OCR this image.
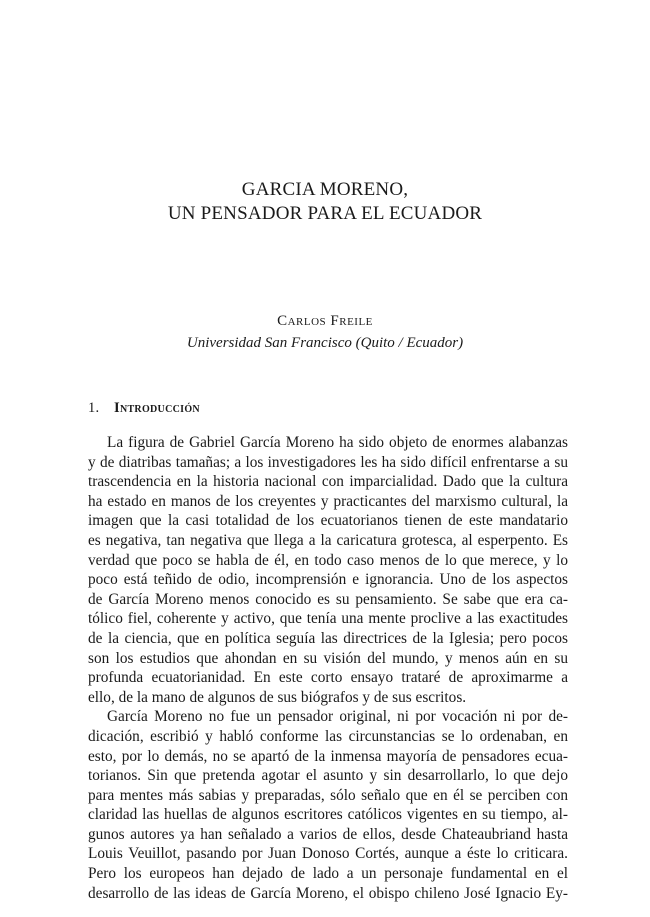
GARCIA MORENO,
UN PENSADOR PARA EL ECUADOR
Carlos Freile
Universidad San Francisco (Quito / Ecuador)
1. Introducción
La figura de Gabriel García Moreno ha sido objeto de enormes alabanzas
y de diatribas tamañas; a los investigadores les ha sido difícil enfrentarse a su
trascendencia en la historia nacional con imparcialidad. Dado que la cultura
ha estado en manos de los creyentes y practicantes del marxismo cultural, la
imagen que la casi totalidad de los ecuatorianos tienen de este mandatario
es negativa, tan negativa que llega a la caricatura grotesca, al esperpento. Es
verdad que poco se habla de él, en todo caso menos de lo que merece, y lo
poco está teñido de odio, incomprensión e ignorancia. Uno de los aspectos
de García Moreno menos conocido es su pensamiento. Se sabe que era ca-
tólico fiel, coherente y activo, que tenía una mente proclive a las exactitudes
de la ciencia, que en política seguía las directrices de la Iglesia; pero pocos
son los estudios que ahondan en su visión del mundo, y menos aún en su
profunda ecuatorianidad. En este corto ensayo trataré de aproximarme a
ello, de la mano de algunos de sus biógrafos y de sus escritos.
García Moreno no fue un pensador original, ni por vocación ni por de-
dicación, escribió y habló conforme las circunstancias se lo ordenaban, en
esto, por lo demás, no se apartó de la inmensa mayoría de pensadores ecua-
torianos. Sin que pretenda agotar el asunto y sin desarrollarlo, lo que dejo
para mentes más sabias y preparadas, sólo señalo que en él se perciben con
claridad las huellas de algunos escritores católicos vigentes en su tiempo, al-
gunos autores ya han señalado a varios de ellos, desde Chateaubriand hasta
Louis Veuillot, pasando por Juan Donoso Cortés, aunque a éste lo criticara.
Pero los europeos han dejado de lado a un personaje fundamental en el
desarrollo de las ideas de García Moreno, el obispo chileno José Ignacio Ey-
